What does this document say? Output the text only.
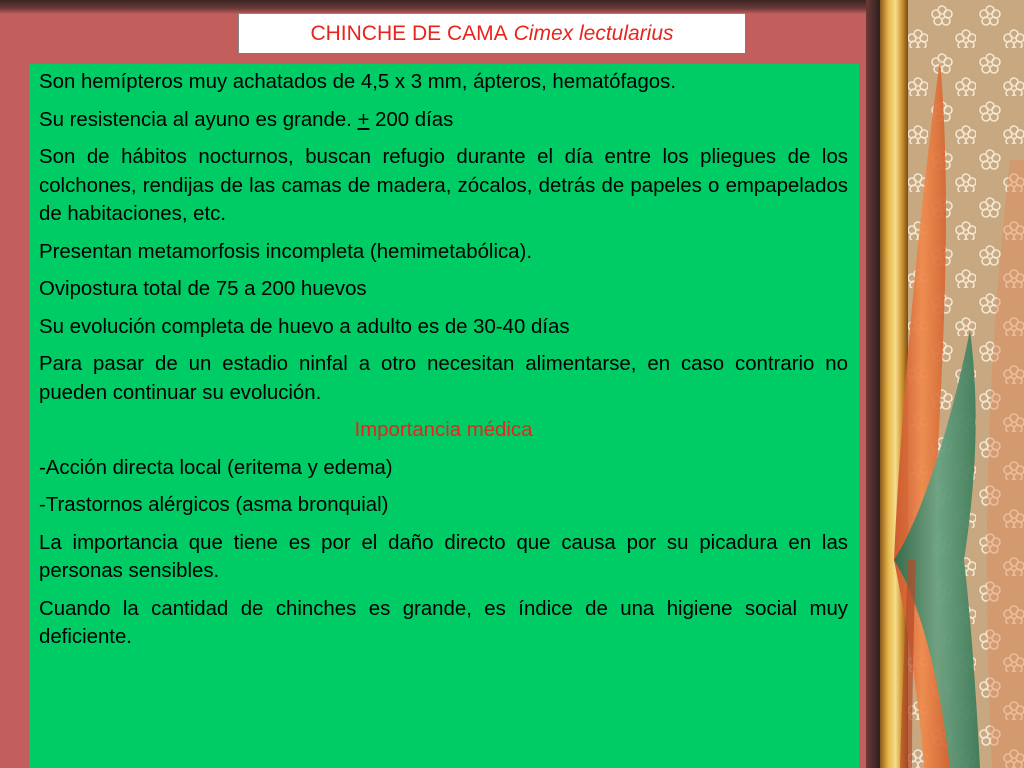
CHINCHE DE CAMA Cimex lectularius

Son hemípteros muy achatados de 4,5 x 3 mm, ápteros, hematófagos.

Su resistencia al ayuno es grande. + 200 días

Son de hábitos nocturnos, buscan refugio durante el día entre los pliegues de los colchones, rendijas de las camas de madera, zócalos, detrás de papeles o empapelados de habitaciones, etc.

Presentan metamorfosis incompleta (hemimetabólica).

Ovipostura total de 75 a 200 huevos

Su evolución completa de huevo a adulto es de 30-40 días

Para pasar de un estadio ninfal a otro necesitan alimentarse, en caso contrario no pueden continuar su evolución.

Importancia médica

-Acción directa local (eritema y edema)

-Trastornos alérgicos (asma bronquial)

La importancia que tiene es por el daño directo que causa por su picadura en las personas sensibles.

Cuando la cantidad de chinches es grande, es índice de una higiene social muy deficiente.
